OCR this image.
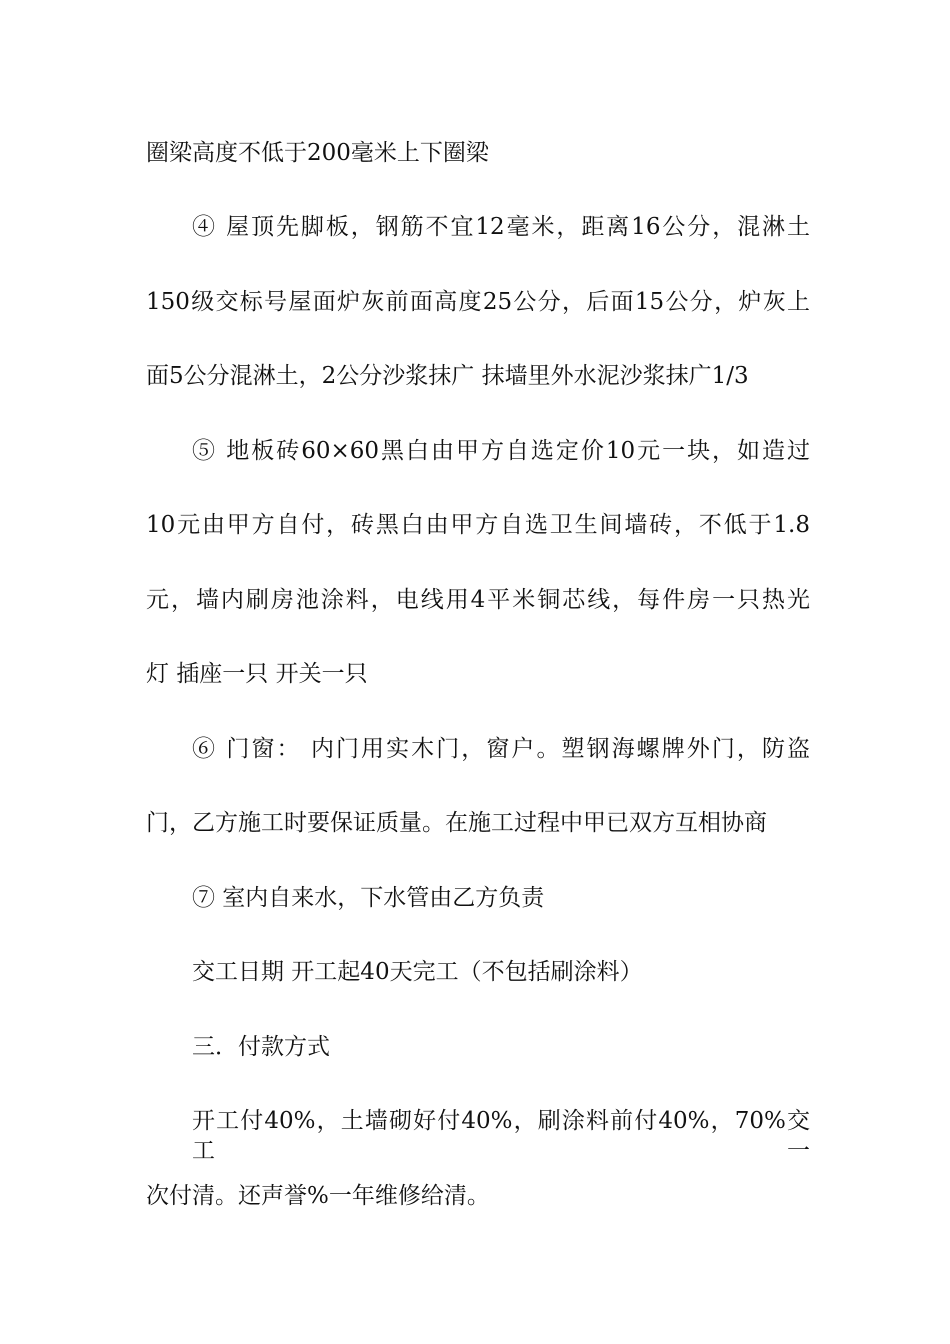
圈梁高度不低于200毫米上下圈梁
④ 屋顶先脚板，钢筋不宜12毫米，距离16公分，混淋土
150级交标号屋面炉灰前面高度25公分，后面15公分，炉灰上
面5公分混淋土，2公分沙浆抹广 抹墙里外水泥沙浆抹广1/3
⑤ 地板砖60×60黑白由甲方自选定价10元一块，如造过
10元由甲方自付，砖黑白由甲方自选卫生间墙砖，不低于1.8
元，墙内刷房池涂料，电线用4平米铜芯线，每件房一只热光
灯 插座一只 开关一只
⑥ 门窗： 内门用实木门，窗户。塑钢海螺牌外门，防盗
门，乙方施工时要保证质量。在施工过程中甲已双方互相协商
⑦ 室内自来水，下水管由乙方负责
交工日期 开工起40天完工（不包括刷涂料）
三．付款方式
开工付40%，土墙砌好付40%，刷涂料前付40%，70%交工一
次付清。还声誉%一年维修给清。
